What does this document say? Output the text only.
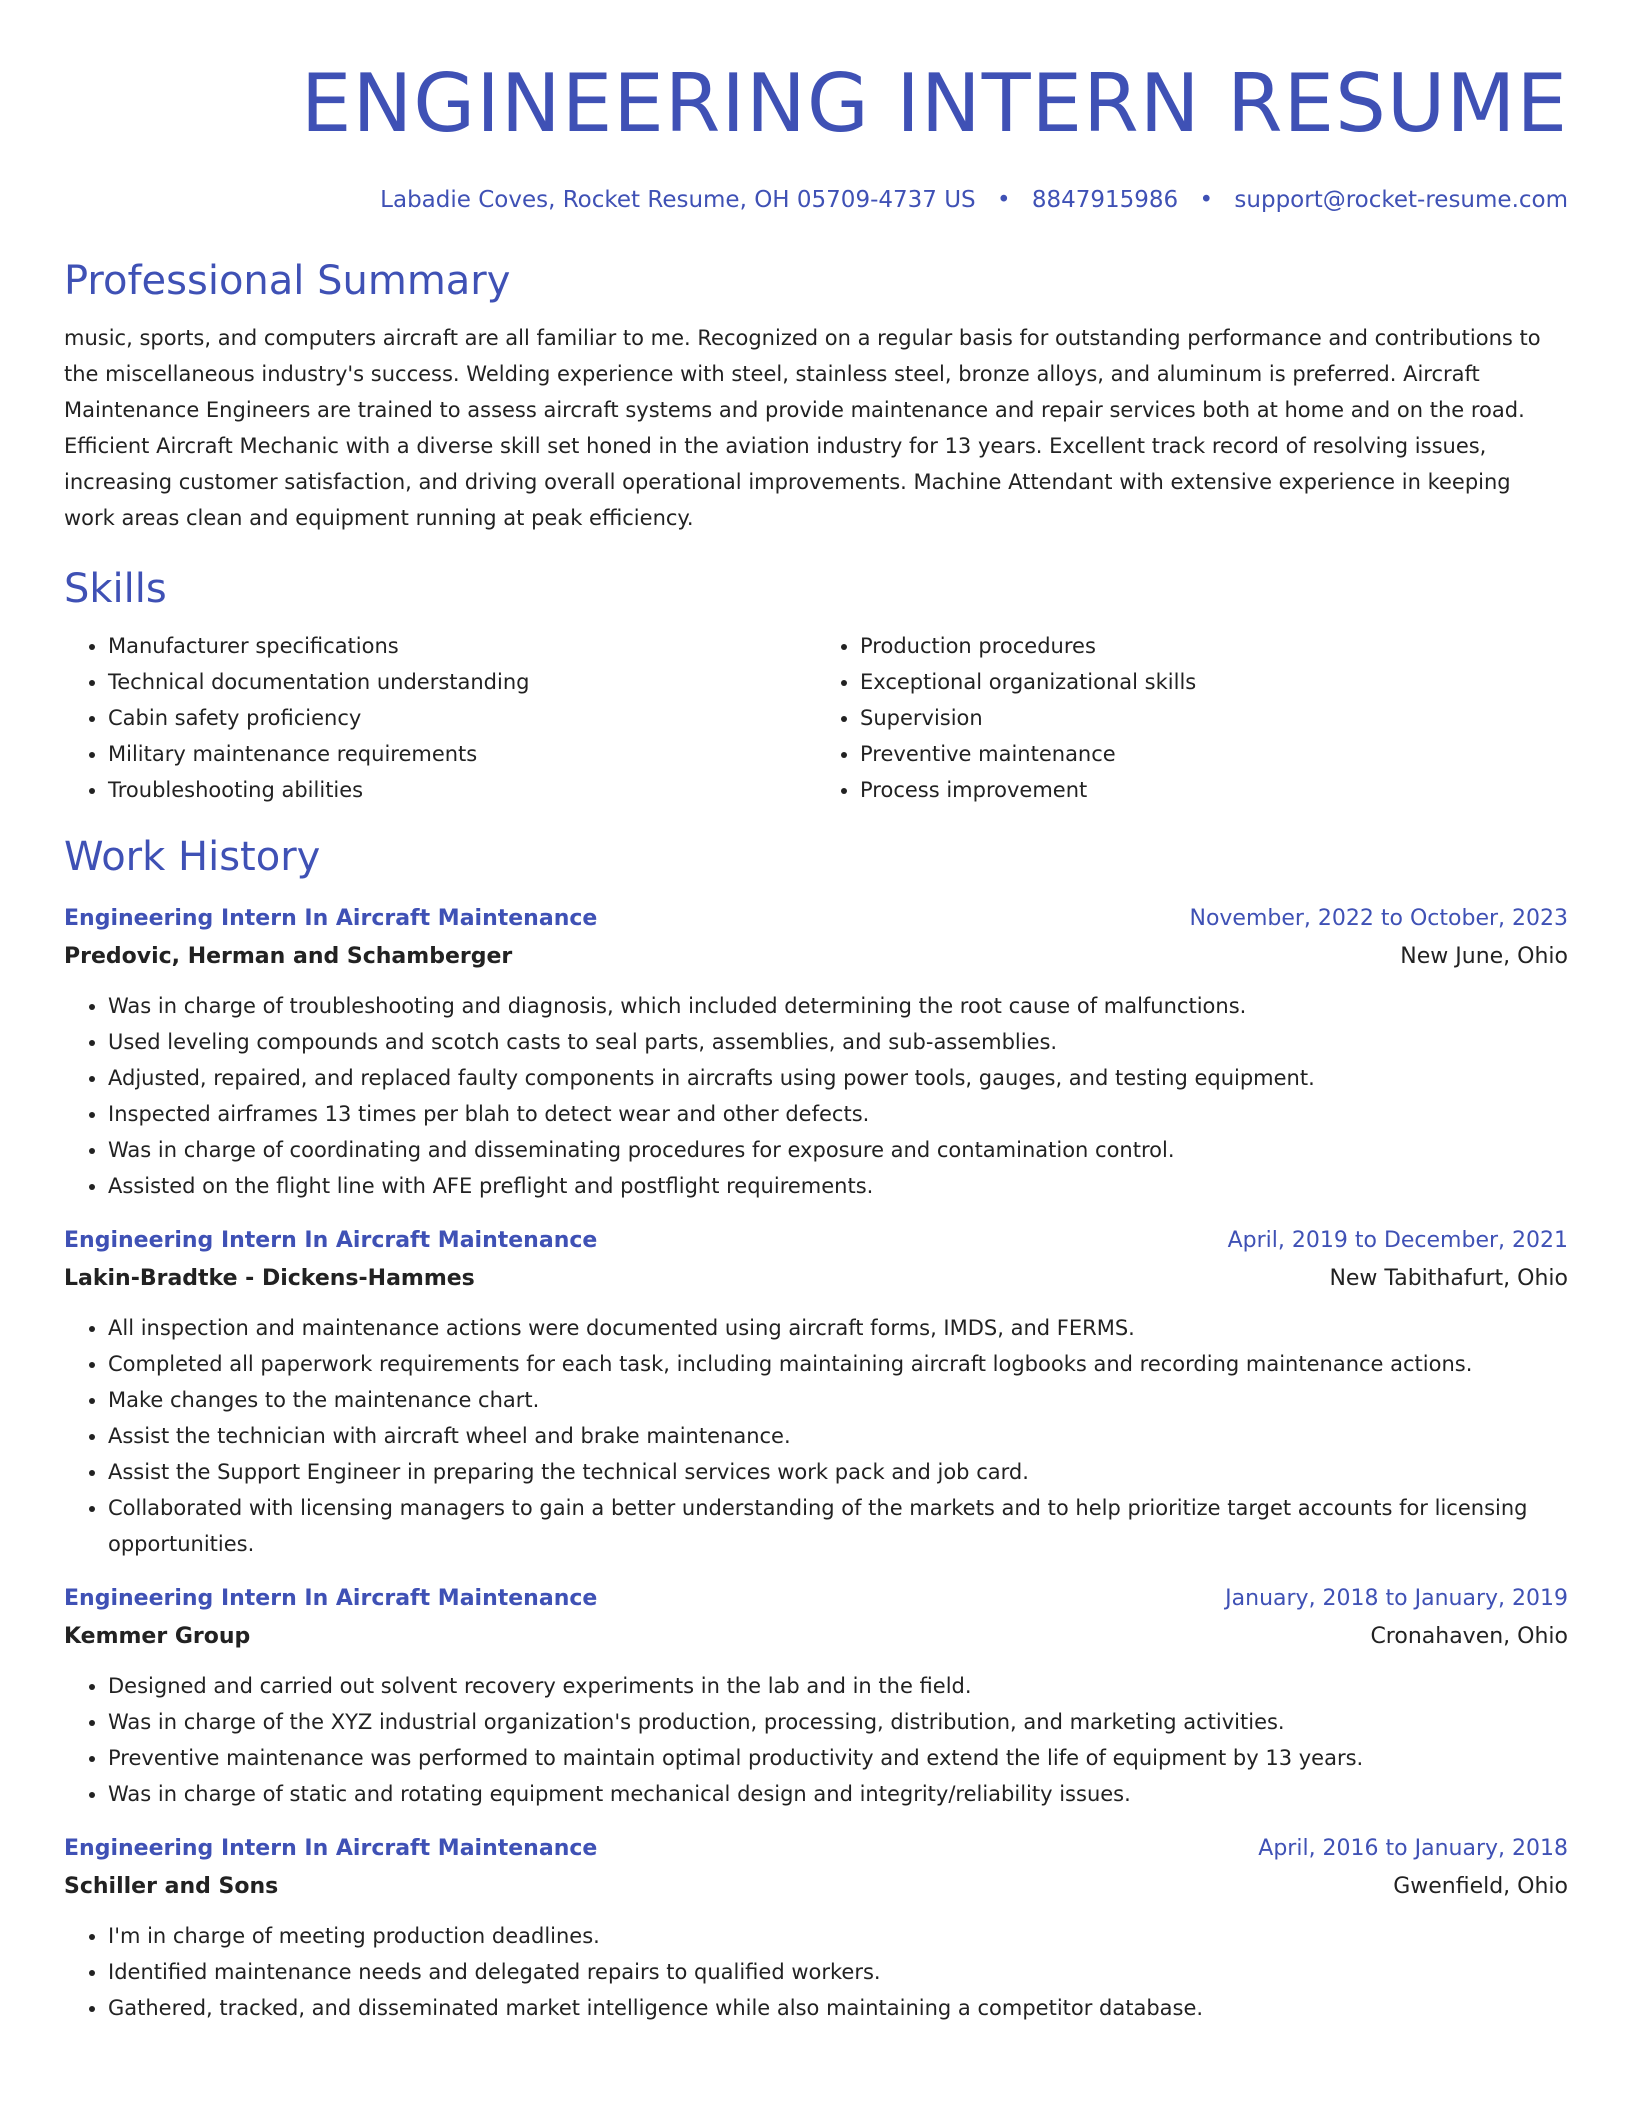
ENGINEERING INTERN RESUME
Labadie Coves, Rocket Resume, OH 05709-4737 US • 8847915986 • support@rocket-resume.com
Professional Summary
music, sports, and computers aircraft are all familiar to me. Recognized on a regular basis for outstanding performance and contributions to the miscellaneous industry's success. Welding experience with steel, stainless steel, bronze alloys, and aluminum is preferred. Aircraft Maintenance Engineers are trained to assess aircraft systems and provide maintenance and repair services both at home and on the road. Efficient Aircraft Mechanic with a diverse skill set honed in the aviation industry for 13 years. Excellent track record of resolving issues, increasing customer satisfaction, and driving overall operational improvements. Machine Attendant with extensive experience in keeping work areas clean and equipment running at peak efficiency.
Skills
• Manufacturer specifications
• Technical documentation understanding
• Cabin safety proficiency
• Military maintenance requirements
• Troubleshooting abilities
• Production procedures
• Exceptional organizational skills
• Supervision
• Preventive maintenance
• Process improvement
Work History
Engineering Intern In Aircraft Maintenance	November, 2022 to October, 2023
Predovic, Herman and Schamberger	New June, Ohio
• Was in charge of troubleshooting and diagnosis, which included determining the root cause of malfunctions.
• Used leveling compounds and scotch casts to seal parts, assemblies, and sub-assemblies.
• Adjusted, repaired, and replaced faulty components in aircrafts using power tools, gauges, and testing equipment.
• Inspected airframes 13 times per blah to detect wear and other defects.
• Was in charge of coordinating and disseminating procedures for exposure and contamination control.
• Assisted on the flight line with AFE preflight and postflight requirements.
Engineering Intern In Aircraft Maintenance	April, 2019 to December, 2021
Lakin-Bradtke - Dickens-Hammes	New Tabithafurt, Ohio
• All inspection and maintenance actions were documented using aircraft forms, IMDS, and FERMS.
• Completed all paperwork requirements for each task, including maintaining aircraft logbooks and recording maintenance actions.
• Make changes to the maintenance chart.
• Assist the technician with aircraft wheel and brake maintenance.
• Assist the Support Engineer in preparing the technical services work pack and job card.
• Collaborated with licensing managers to gain a better understanding of the markets and to help prioritize target accounts for licensing opportunities.
Engineering Intern In Aircraft Maintenance	January, 2018 to January, 2019
Kemmer Group	Cronahaven, Ohio
• Designed and carried out solvent recovery experiments in the lab and in the field.
• Was in charge of the XYZ industrial organization's production, processing, distribution, and marketing activities.
• Preventive maintenance was performed to maintain optimal productivity and extend the life of equipment by 13 years.
• Was in charge of static and rotating equipment mechanical design and integrity/reliability issues.
Engineering Intern In Aircraft Maintenance	April, 2016 to January, 2018
Schiller and Sons	Gwenfield, Ohio
• I'm in charge of meeting production deadlines.
• Identified maintenance needs and delegated repairs to qualified workers.
• Gathered, tracked, and disseminated market intelligence while also maintaining a competitor database.
